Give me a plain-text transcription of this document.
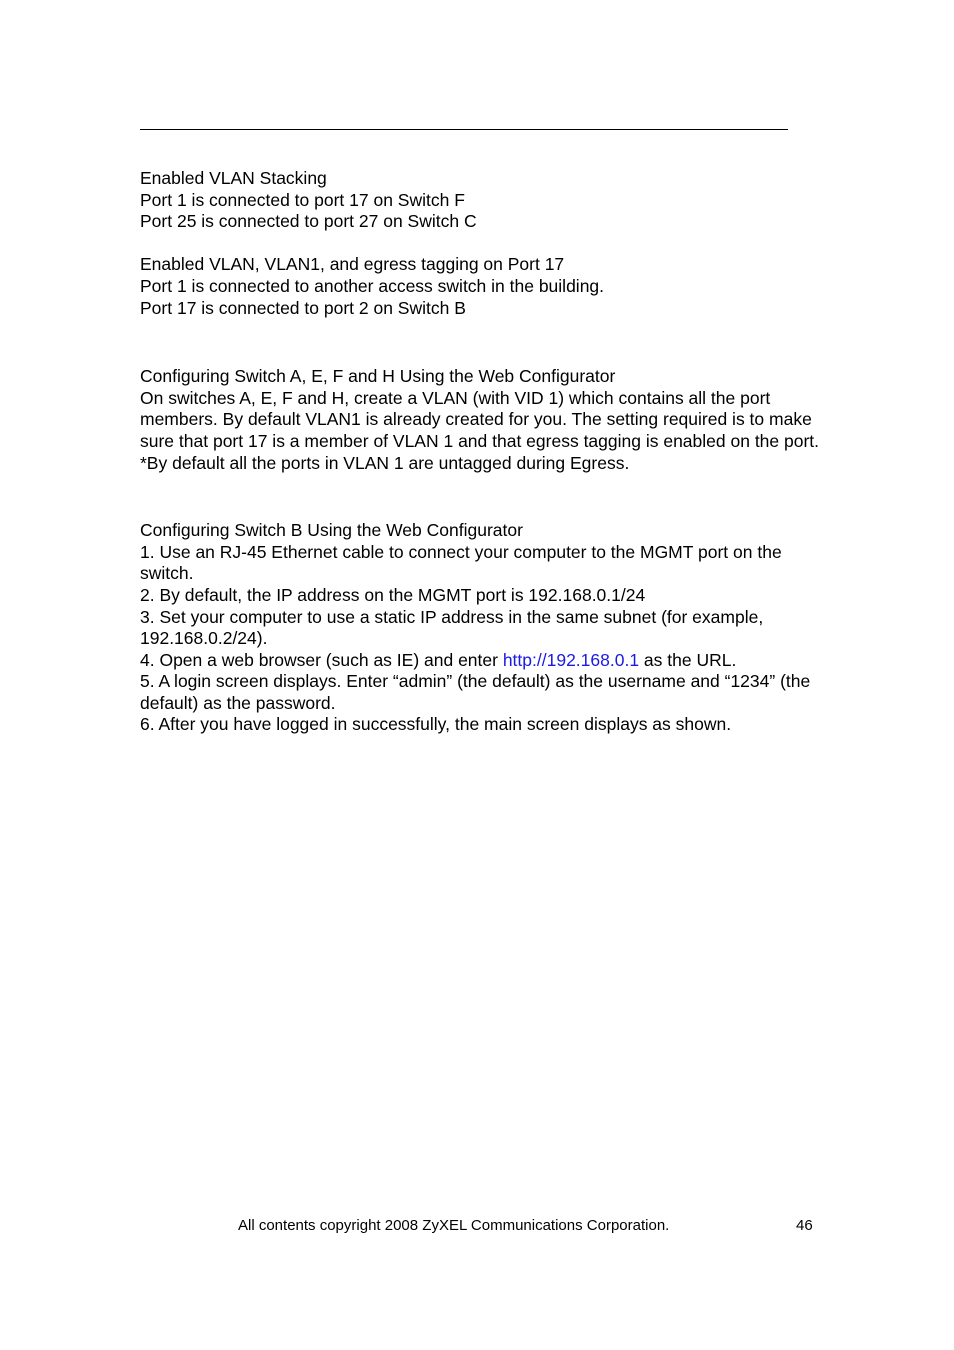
Enabled VLAN Stacking

Port 1 is connected to port 17 on Switch F

Port 25 is connected to port 27 on Switch C

Enabled VLAN, VLAN1, and egress tagging on Port 17

Port 1 is connected to another access switch in the building.

Port 17 is connected to port 2 on Switch B

Configuring Switch A, E, F and H Using the Web Configurator

On switches A, E, F and H, create a VLAN (with VID 1) which contains all the port members. By default VLAN1 is already created for you. The setting required is to make sure that port 17 is a member of VLAN 1 and that egress tagging is enabled on the port.

*By default all the ports in VLAN 1 are untagged during Egress.

Configuring Switch B Using the Web Configurator

1. Use an RJ-45 Ethernet cable to connect your computer to the MGMT port on the switch.

2. By default, the IP address on the MGMT port is 192.168.0.1/24

3. Set your computer to use a static IP address in the same subnet (for example, 192.168.0.2/24).

4. Open a web browser (such as IE) and enter http://192.168.0.1 as the URL.

5. A login screen displays. Enter “admin” (the default) as the username and “1234” (the default) as the password.

6. After you have logged in successfully, the main screen displays as shown.

All contents copyright 2008 ZyXEL Communications Corporation.	46
